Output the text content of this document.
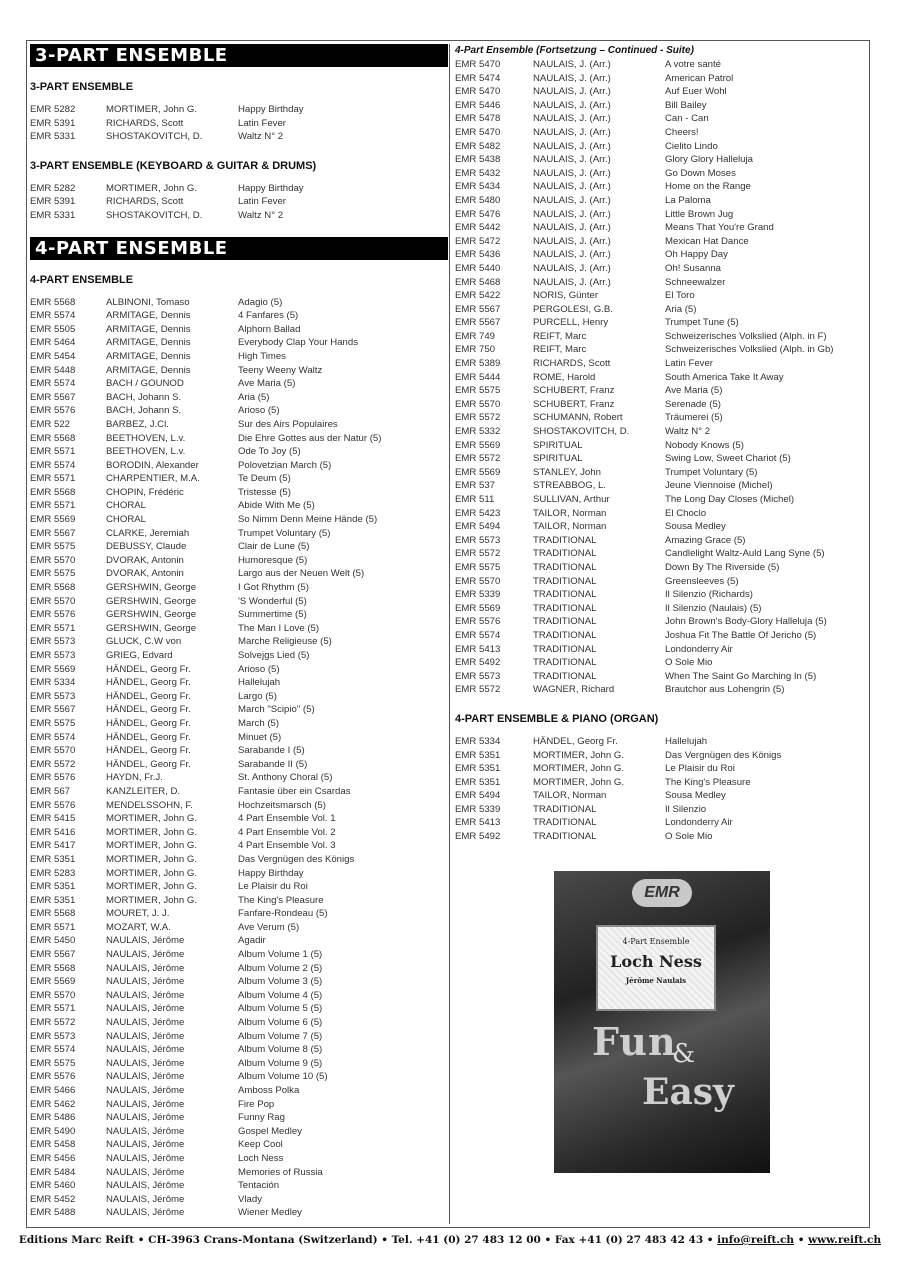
3-PART ENSEMBLE
3-PART ENSEMBLE
EMR 5282	MORTIMER, John G.	Happy Birthday
EMR 5391	RICHARDS, Scott	Latin Fever
EMR 5331	SHOSTAKOVITCH, D.	Waltz N° 2
3-PART ENSEMBLE (KEYBOARD & GUITAR & DRUMS)
EMR 5282	MORTIMER, John G.	Happy Birthday
EMR 5391	RICHARDS, Scott	Latin Fever
EMR 5331	SHOSTAKOVITCH, D.	Waltz N° 2
4-PART ENSEMBLE
4-PART ENSEMBLE
EMR 5568	ALBINONI, Tomaso	Adagio (5)
EMR 5574	ARMITAGE, Dennis	4 Fanfares (5)
EMR 5505	ARMITAGE, Dennis	Alphorn Ballad
EMR 5464	ARMITAGE, Dennis	Everybody Clap Your Hands
EMR 5454	ARMITAGE, Dennis	High Times
EMR 5448	ARMITAGE, Dennis	Teeny Weeny Waltz
EMR 5574	BACH / GOUNOD	Ave Maria (5)
EMR 5567	BACH, Johann S.	Aria (5)
EMR 5576	BACH, Johann S.	Arioso (5)
EMR 522	BARBEZ, J.Cl.	Sur des Airs Populaires
EMR 5568	BEETHOVEN, L.v.	Die Ehre Gottes aus der Natur (5)
EMR 5571	BEETHOVEN, L.v.	Ode To Joy (5)
EMR 5574	BORODIN, Alexander	Polovetzian March (5)
EMR 5571	CHARPENTIER, M.A.	Te Deum (5)
EMR 5568	CHOPIN, Frédéric	Tristesse (5)
EMR 5571	CHORAL	Abide With Me (5)
EMR 5569	CHORAL	So Nimm Denn Meine Hände (5)
EMR 5567	CLARKE, Jeremiah	Trumpet Voluntary (5)
EMR 5575	DEBUSSY, Claude	Clair de Lune (5)
EMR 5570	DVORAK, Antonin	Humoresque (5)
EMR 5575	DVORAK, Antonin	Largo aus der Neuen Welt (5)
EMR 5568	GERSHWIN, George	I Got Rhythm (5)
EMR 5570	GERSHWIN, George	'S Wonderful (5)
EMR 5576	GERSHWIN, George	Summertime (5)
EMR 5571	GERSHWIN, George	The Man I Love (5)
EMR 5573	GLUCK, C.W von	Marche Religieuse (5)
EMR 5573	GRIEG, Edvard	Solvejgs Lied (5)
EMR 5569	HÄNDEL, Georg Fr.	Arioso (5)
EMR 5334	HÄNDEL, Georg Fr.	Hallelujah
EMR 5573	HÄNDEL, Georg Fr.	Largo (5)
EMR 5567	HÄNDEL, Georg Fr.	March "Scipio" (5)
EMR 5575	HÄNDEL, Georg Fr.	March (5)
EMR 5574	HÄNDEL, Georg Fr.	Minuet (5)
EMR 5570	HÄNDEL, Georg Fr.	Sarabande I (5)
EMR 5572	HÄNDEL, Georg Fr.	Sarabande II (5)
EMR 5576	HAYDN, Fr.J.	St. Anthony Choral (5)
EMR 567	KANZLEITER, D.	Fantasie über ein Csardas
EMR 5576	MENDELSSOHN, F.	Hochzeitsmarsch (5)
EMR 5415	MORTIMER, John G.	4 Part Ensemble Vol. 1
EMR 5416	MORTIMER, John G.	4 Part Ensemble Vol. 2
EMR 5417	MORTIMER, John G.	4 Part Ensemble Vol. 3
EMR 5351	MORTIMER, John G.	Das Vergnügen des Königs
EMR 5283	MORTIMER, John G.	Happy Birthday
EMR 5351	MORTIMER, John G.	Le Plaisir du Roi
EMR 5351	MORTIMER, John G.	The King's Pleasure
EMR 5568	MOURET, J. J.	Fanfare-Rondeau (5)
EMR 5571	MOZART, W.A.	Ave Verum (5)
EMR 5450	NAULAIS, Jérôme	Agadir
EMR 5567	NAULAIS, Jérôme	Album Volume 1 (5)
EMR 5568	NAULAIS, Jérôme	Album Volume 2 (5)
EMR 5569	NAULAIS, Jérôme	Album Volume 3 (5)
EMR 5570	NAULAIS, Jérôme	Album Volume 4 (5)
EMR 5571	NAULAIS, Jérôme	Album Volume 5 (5)
EMR 5572	NAULAIS, Jérôme	Album Volume 6 (5)
EMR 5573	NAULAIS, Jérôme	Album Volume 7 (5)
EMR 5574	NAULAIS, Jérôme	Album Volume 8 (5)
EMR 5575	NAULAIS, Jérôme	Album Volume 9 (5)
EMR 5576	NAULAIS, Jérôme	Album Volume 10 (5)
EMR 5466	NAULAIS, Jérôme	Amboss Polka
EMR 5462	NAULAIS, Jérôme	Fire Pop
EMR 5486	NAULAIS, Jérôme	Funny Rag
EMR 5490	NAULAIS, Jérôme	Gospel Medley
EMR 5458	NAULAIS, Jérôme	Keep Cool
EMR 5456	NAULAIS, Jérôme	Loch Ness
EMR 5484	NAULAIS, Jérôme	Memories of Russia
EMR 5460	NAULAIS, Jérôme	Tentación
EMR 5452	NAULAIS, Jérôme	Vlady
EMR 5488	NAULAIS, Jérôme	Wiener Medley
4-Part Ensemble (Fortsetzung – Continued - Suite)
EMR 5470	NAULAIS, J. (Arr.)	A votre santé
EMR 5474	NAULAIS, J. (Arr.)	American Patrol
EMR 5470	NAULAIS, J. (Arr.)	Auf Euer Wohl
EMR 5446	NAULAIS, J. (Arr.)	Bill Bailey
EMR 5478	NAULAIS, J. (Arr.)	Can - Can
EMR 5470	NAULAIS, J. (Arr.)	Cheers!
EMR 5482	NAULAIS, J. (Arr.)	Cielito Lindo
EMR 5438	NAULAIS, J. (Arr.)	Glory Glory Halleluja
EMR 5432	NAULAIS, J. (Arr.)	Go Down Moses
EMR 5434	NAULAIS, J. (Arr.)	Home on the Range
EMR 5480	NAULAIS, J. (Arr.)	La Paloma
EMR 5476	NAULAIS, J. (Arr.)	Little Brown Jug
EMR 5442	NAULAIS, J. (Arr.)	Means That You're Grand
EMR 5472	NAULAIS, J. (Arr.)	Mexican Hat Dance
EMR 5436	NAULAIS, J. (Arr.)	Oh Happy Day
EMR 5440	NAULAIS, J. (Arr.)	Oh! Susanna
EMR 5468	NAULAIS, J. (Arr.)	Schneewalzer
EMR 5422	NORIS, Günter	El Toro
EMR 5567	PERGOLESI, G.B.	Aria (5)
EMR 5567	PURCELL, Henry	Trumpet Tune (5)
EMR 749	REIFT, Marc	Schweizerisches Volkslied (Alph. in F)
EMR 750	REIFT, Marc	Schweizerisches Volkslied (Alph. in Gb)
EMR 5389	RICHARDS, Scott	Latin Fever
EMR 5444	ROME, Harold	South America Take It Away
EMR 5575	SCHUBERT, Franz	Ave Maria (5)
EMR 5570	SCHUBERT, Franz	Serenade (5)
EMR 5572	SCHUMANN, Robert	Träumerei (5)
EMR 5332	SHOSTAKOVITCH, D.	Waltz N° 2
EMR 5569	SPIRITUAL	Nobody Knows (5)
EMR 5572	SPIRITUAL	Swing Low, Sweet Chariot (5)
EMR 5569	STANLEY, John	Trumpet Voluntary (5)
EMR 537	STREABBOG, L.	Jeune Viennoise (Michel)
EMR 511	SULLIVAN, Arthur	The Long Day Closes (Michel)
EMR 5423	TAILOR, Norman	El Choclo
EMR 5494	TAILOR, Norman	Sousa Medley
EMR 5573	TRADITIONAL	Amazing Grace (5)
EMR 5572	TRADITIONAL	Candlelight Waltz-Auld Lang Syne (5)
EMR 5575	TRADITIONAL	Down By The Riverside (5)
EMR 5570	TRADITIONAL	Greensleeves (5)
EMR 5339	TRADITIONAL	Il Silenzio (Richards)
EMR 5569	TRADITIONAL	Il Silenzio (Naulais) (5)
EMR 5576	TRADITIONAL	John Brown's Body-Glory Halleluja (5)
EMR 5574	TRADITIONAL	Joshua Fit The Battle Of Jericho (5)
EMR 5413	TRADITIONAL	Londonderry Air
EMR 5492	TRADITIONAL	O Sole Mio
EMR 5573	TRADITIONAL	When The Saint Go Marching In (5)
EMR 5572	WAGNER, Richard	Brautchor aus Lohengrin (5)
4-PART ENSEMBLE & PIANO (ORGAN)
EMR 5334	HÄNDEL, Georg Fr.	Hallelujah
EMR 5351	MORTIMER, John G.	Das Vergnügen des Königs
EMR 5351	MORTIMER, John G.	Le Plaisir du Roi
EMR 5351	MORTIMER, John G.	The King's Pleasure
EMR 5494	TAILOR, Norman	Sousa Medley
EMR 5339	TRADITIONAL	Il Silenzio
EMR 5413	TRADITIONAL	Londonderry Air
EMR 5492	TRADITIONAL	O Sole Mio
EMR
4-Part Ensemble
Loch Ness
Jérôme Naulais
Fun
&
Easy
Editions Marc Reift • CH-3963 Crans-Montana (Switzerland) • Tel. +41 (0) 27 483 12 00 • Fax +41 (0) 27 483 42 43 • info@reift.ch • www.reift.ch
